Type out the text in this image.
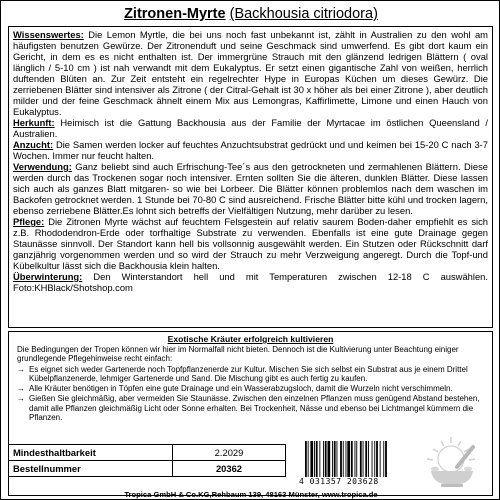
Zitronen-Myrte (Backhousia citriodora)

Wissenswertes: Die Lemon Myrtle, die bei uns noch fast unbekannt ist, zählt in Australien zu den wohl am häufigsten benutzen Gewürze. Der Zitronenduft und seine Geschmack sind umwerfend. Es gibt dort kaum ein Gericht, in dem es es nicht enthalten ist. Der immergrüne Strauch mit den glänzend ledrigen Blättern ( oval länglich / 5-10 cm ) ist nah verwandt mit dem Eukalyptus. Er setzt einen gigantische Zahl von weißen, herrlich duftenden Blüten an. Zur Zeit entsteht ein regelrechter Hype in Europas Küchen um dieses Gewürz. Die zerriebenen Blätter sind intensiver als Zitrone ( der Citral-Gehalt ist 30 x höher als bei einer Zitrone ), aber deutlich milder und der feine Geschmack ähnelt einem Mix aus Lemongras, Kaffirlimette, Limone und einen Hauch von Eukalyptus.
Herkunft: Heimisch ist die Gattung Backhousia aus der Familie der Myrtacae im östlichen Queensland / Australien.
Anzucht: Die Samen werden locker auf feuchtes Anzuchtsubstrat gedrückt und und keimen bei 15-20 C nach 3-7 Wochen. Immer nur feucht halten.
Verwendung: Ganz beliebt sind auch Erfrischung-Tee´s aus den getrockneten und zermahlenen Blättern. Diese werden durch das Trockenen sogar noch intensiver. Ernten sollten Sie die älteren, dunklen Blätter. Diese lassen sich auch als ganzes Blatt mitgaren- so wie bei Lorbeer. Die Blätter können problemlos nach dem waschen im Backofen getrocknet werden. 1 Stunde bei 70-80 C sind ausreichend. Frische Blätter bitte kühl und trocken lagern, ebenso zerriebene Blätter.Es lohnt sich betreffs der Vielfältigen Nutzung, mehr darüber zu lesen.
Pflege: Die Zitronen Myrte wächst auf feuchtem Felsgestein auf relativ saurem Boden-daher empfiehlt es sich z.B. Rhododendron-Erde oder torfhaltige Substrate zu verwenden. Ebenfalls ist eine gute Drainage gegen Staunässe sinnvoll. Der Standort kann hell bis vollsonnig ausgewählt werden. Ein Stutzen oder Rückschnitt darf ganzjährig vorgenommen werden und so wird der Strauch zu mehr Verzweigung angeregt. Durch die Topf-und Kübelkultur lässt sich die Backhousia klein halten.
Überwinterung: Den Winterstandort hell und mit Temperaturen zwischen 12-18 C auswählen. Foto:KHBlack/Shotshop.com

Exotische Kräuter erfolgreich kultivieren
Die Bedingungen der Tropen können wir hier im Normalfall nicht bieten. Dennoch ist die Kultivierung unter Beachtung einiger grundlegende Pflegehinweise recht einfach:
→ Es eignet sich weder Gartenerde noch Topfpflanzenerde zur Kultur. Mischen Sie sich selbst ein Substrat aus je einem Drittel Kübelpflanzenerde, lehmiger Gartenerde und Sand. Die Mischung gibt es auch fertig zu kaufen.
→ Alle Kräuter benötigen in Töpfen eine gute Drainage und ein Wasserabzugsloch, damit die Wurzeln nicht verschimmeln.
→ Gießen Sie gleichmäßig, aber vermeiden Sie Staunässe. Zwischen den einzelnen Pflanzen muss genügend Abstand bestehen, damit alle Pflanzen gleichmäßig Licht oder Sonne erhalten. Bei Trockenheit, Nässe und ebenso bei Lichtmangel kümmern die Pflanzen.
Mindesthaltbarkeit	2.2029
Bestellnummer	20362
4 031357 203628
Tropica GmbH & Co.KG,Rehbaum 139, 48163 Münster, www.tropica.de
